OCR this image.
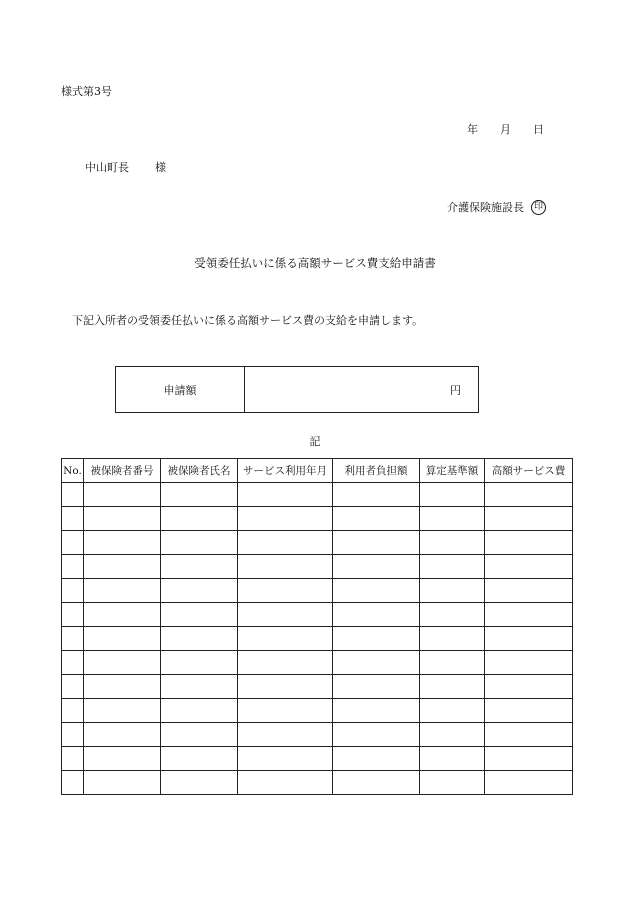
様式第3号
年 月 日
中山町長 様
介護保険施設長	印
受領委任払いに係る高額サービス費支給申請書
下記入所者の受領委任払いに係る高額サービス費の支給を申請します。
申請額	円
記
No.	被保険者番号	被保険者氏名	サービス利用年月	利用者負担額	算定基準額	高額サービス費
